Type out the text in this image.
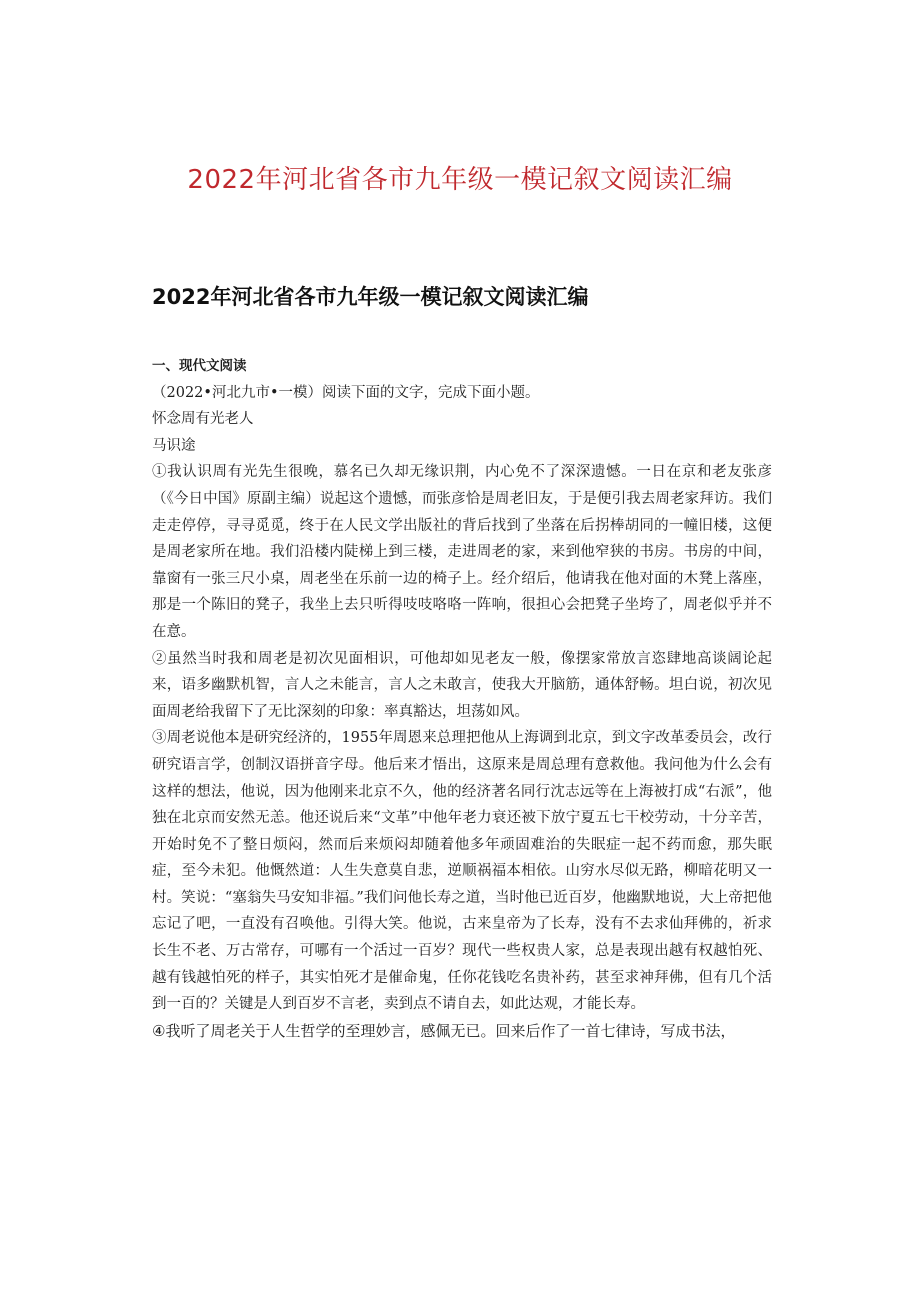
2022年河北省各市九年级一模记叙文阅读汇编
2022年河北省各市九年级一模记叙文阅读汇编

一、现代文阅读

（2022•河北九市•一模）阅读下面的文字，完成下面小题。

怀念周有光老人

马识途

①我认识周有光先生很晚，慕名已久却无缘识荆，内心免不了深深遗憾。一日在京和老友张彦（《今日中国》原副主编）说起这个遗憾，而张彦恰是周老旧友，于是便引我去周老家拜访。我们走走停停，寻寻觅觅，终于在人民文学出版社的背后找到了坐落在后拐棒胡同的一幢旧楼，这便是周老家所在地。我们沿楼内陡梯上到三楼，走进周老的家，来到他窄狭的书房。书房的中间，靠窗有一张三尺小桌，周老坐在乐前一边的椅子上。经介绍后，他请我在他对面的木凳上落座，那是一个陈旧的凳子，我坐上去只听得吱吱咯咯一阵响，很担心会把凳子坐垮了，周老似乎并不在意。

②虽然当时我和周老是初次见面相识，可他却如见老友一般，像摆家常放言恣肆地高谈阔论起来，语多幽默机智，言人之未能言，言人之未敢言，使我大开脑筋，通体舒畅。坦白说，初次见面周老给我留下了无比深刻的印象：率真豁达，坦荡如风。

③周老说他本是研究经济的，1955年周恩来总理把他从上海调到北京，到文字改革委员会，改行研究语言学，创制汉语拼音字母。他后来才悟出，这原来是周总理有意救他。我问他为什么会有这样的想法，他说，因为他刚来北京不久，他的经济著名同行沈志远等在上海被打成“右派”，他独在北京而安然无恙。他还说后来“文革”中他年老力衰还被下放宁夏五七干校劳动，十分辛苦，开始时免不了整日烦闷，然而后来烦闷却随着他多年顽固难治的失眠症一起不药而愈，那失眠症，至今未犯。他慨然道：人生失意莫自悲，逆顺祸福本相依。山穷水尽似无路，柳暗花明又一村。笑说：“塞翁失马安知非福。”我们问他长寿之道，当时他已近百岁，他幽默地说，大上帝把他忘记了吧，一直没有召唤他。引得大笑。他说，古来皇帝为了长寿，没有不去求仙拜佛的，祈求长生不老、万古常存，可哪有一个活过一百岁？现代一些权贵人家，总是表现出越有权越怕死、越有钱越怕死的样子，其实怕死才是催命鬼，任你花钱吃名贵补药，甚至求神拜佛，但有几个活到一百的？关键是人到百岁不言老，卖到点不请自去，如此达观，才能长寿。

④我听了周老关于人生哲学的至理妙言，感佩无已。回来后作了一首七律诗，写成书法，
